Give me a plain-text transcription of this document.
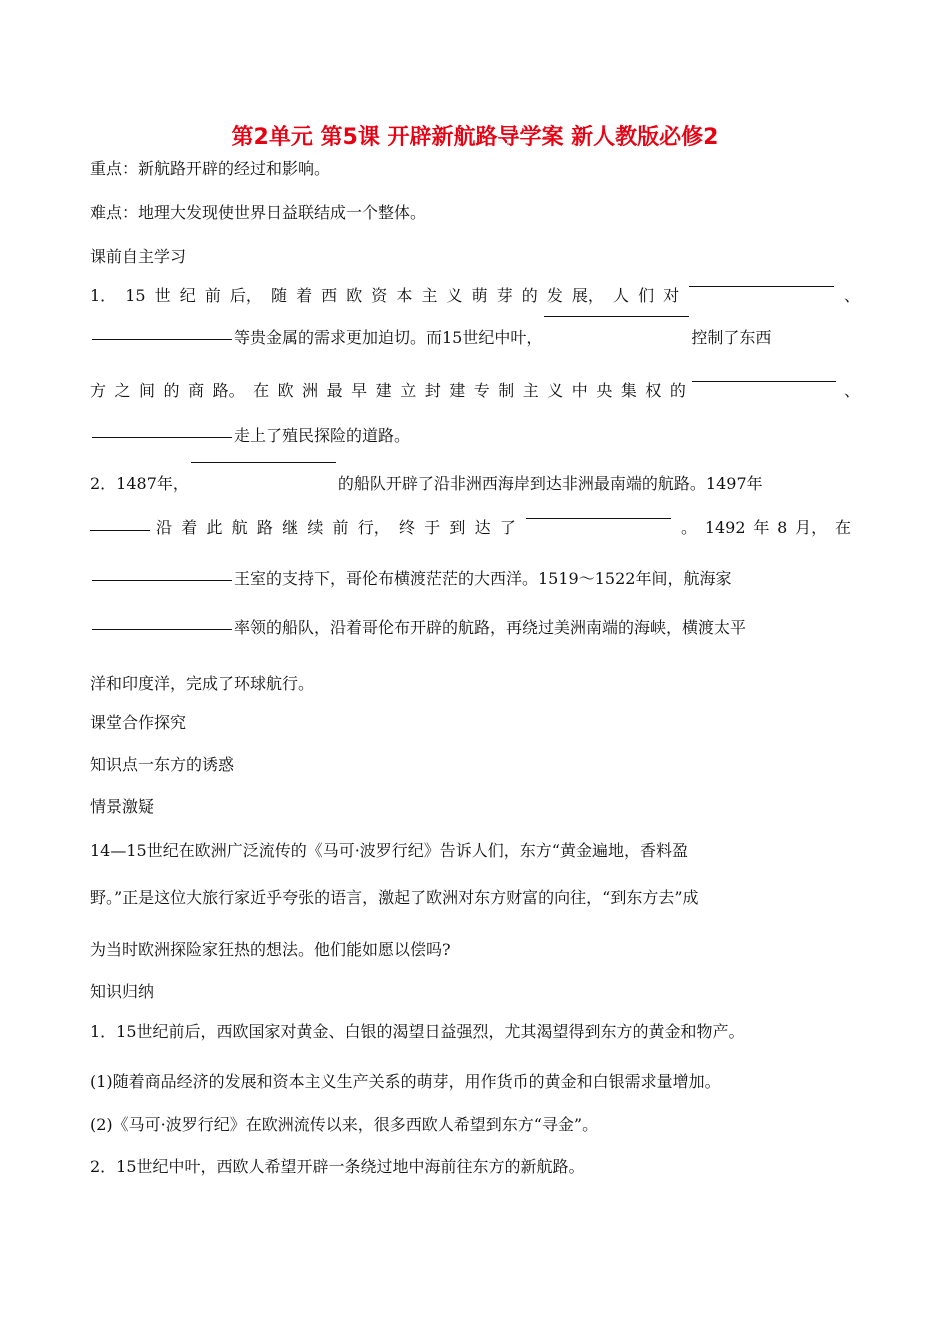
第2单元 第5课 开辟新航路导学案 新人教版必修2
重点：新航路开辟的经过和影响。
难点：地理大发现使世界日益联结成一个整体。
课前自主学习
1． 15 世 纪 前 后， 随 着 西 欧 资 本 主 义 萌 芽 的 发 展， 人 们 对	、
等贵金属的需求更加迫切。而15世纪中叶，	控制了东西
方 之 间 的 商 路。 在 欧 洲 最 早 建 立 封 建 专 制 主 义 中 央 集 权 的	、
走上了殖民探险的道路。
2．1487年，	的船队开辟了沿非洲西海岸到达非洲最南端的航路。1497年
沿 着 此 航 路 继 续 前 行， 终 于 到 达 了	。 1492 年 8 月， 在
王室的支持下，哥伦布横渡茫茫的大西洋。1519～1522年间，航海家
率领的船队，沿着哥伦布开辟的航路，再绕过美洲南端的海峡，横渡太平
洋和印度洋，完成了环球航行。
课堂合作探究
知识点一东方的诱惑
情景激疑
14—15世纪在欧洲广泛流传的《马可·波罗行纪》告诉人们，东方“黄金遍地，香料盈
野。”正是这位大旅行家近乎夸张的语言，激起了欧洲对东方财富的向往，“到东方去”成
为当时欧洲探险家狂热的想法。他们能如愿以偿吗?
知识归纳
1．15世纪前后，西欧国家对黄金、白银的渴望日益强烈，尤其渴望得到东方的黄金和物产。
(1)随着商品经济的发展和资本主义生产关系的萌芽，用作货币的黄金和白银需求量增加。
(2)《马可·波罗行纪》在欧洲流传以来，很多西欧人希望到东方“寻金”。
2．15世纪中叶，西欧人希望开辟一条绕过地中海前往东方的新航路。
